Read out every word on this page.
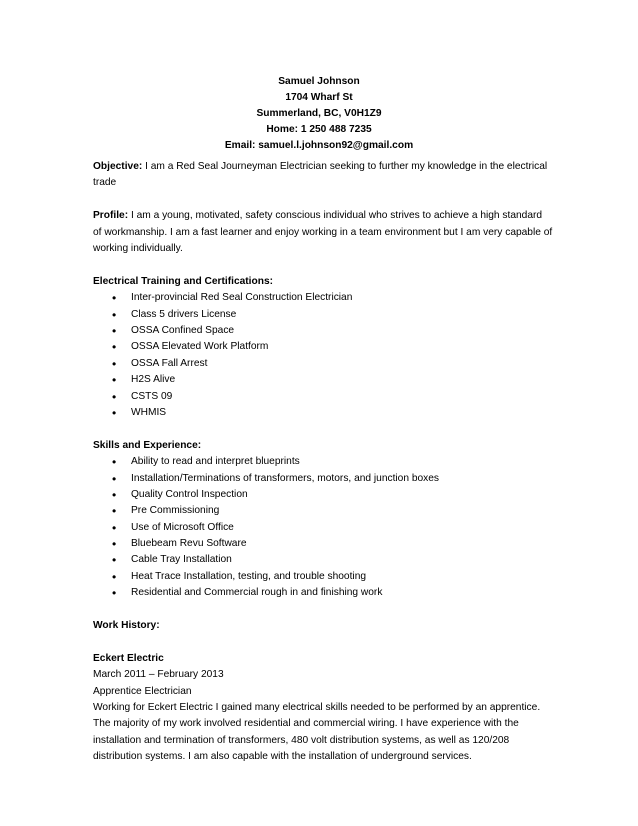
Samuel Johnson
1704 Wharf St
Summerland, BC, V0H1Z9
Home: 1 250 488 7235
Email: samuel.l.johnson92@gmail.com

Objective: I am a Red Seal Journeyman Electrician seeking to further my knowledge in the electrical trade

Profile: I am a young, motivated, safety conscious individual who strives to achieve a high standard of workmanship. I am a fast learner and enjoy working in a team environment but I am very capable of working individually.

Electrical Training and Certifications:
• Inter-provincial Red Seal Construction Electrician
• Class 5 drivers License
• OSSA Confined Space
• OSSA Elevated Work Platform
• OSSA Fall Arrest
• H2S Alive
• CSTS 09
• WHMIS
Skills and Experience:
• Ability to read and interpret blueprints
• Installation/Terminations of transformers, motors, and junction boxes
• Quality Control Inspection
• Pre Commissioning
• Use of Microsoft Office
• Bluebeam Revu Software
• Cable Tray Installation
• Heat Trace Installation, testing, and trouble shooting
• Residential and Commercial rough in and finishing work
Work History:
Eckert Electric
March 2011 – February 2013
Apprentice Electrician

Working for Eckert Electric I gained many electrical skills needed to be performed by an apprentice. The majority of my work involved residential and commercial wiring. I have experience with the installation and termination of transformers, 480 volt distribution systems, as well as 120/208 distribution systems. I am also capable with the installation of underground services.
